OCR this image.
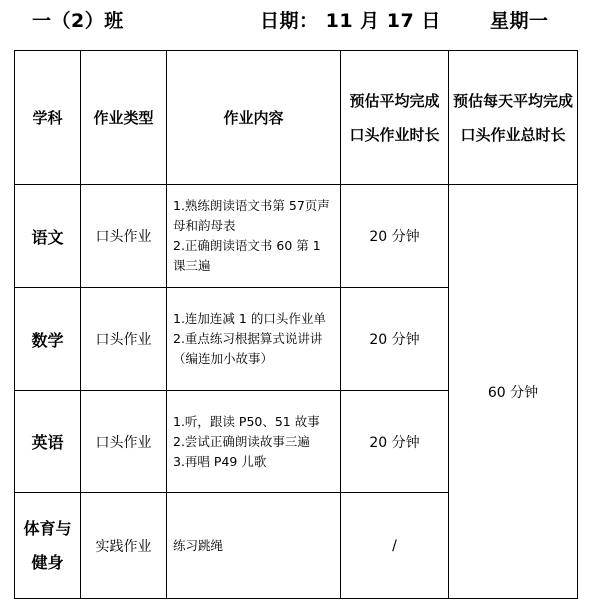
一（2）班	日期： 11 月 17 日	星期一
学科	作业类型	作业内容	预估平均完成口头作业时长	预估每天平均完成口头作业总时长
语文	口头作业	1.熟练朗读语文书第 57页声母和韵母表
2.正确朗读语文书 60 第 1 课三遍	20 分钟	60 分钟
数学	口头作业	1.连加连减 1 的口头作业单
2.重点练习根据算式说讲讲（编连加小故事）	20 分钟	
英语	口头作业	1.听，跟读 P50、51 故事
2.尝试正确朗读故事三遍
3.再唱 P49 儿歌	20 分钟	

体育与
健身	实践作业	练习跳绳	/	
